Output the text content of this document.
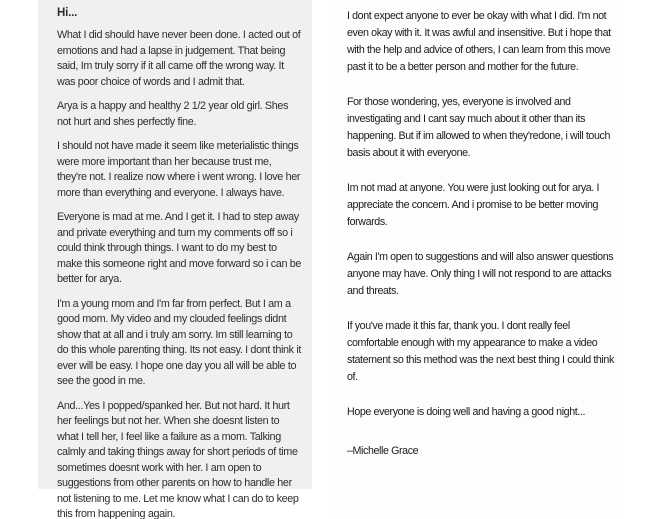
Hi...

What I did should have never been done. I acted out of emotions and had a lapse in judgement. That being said, Im truly sorry if it all came off the wrong way. It was poor choice of words and I admit that.

Arya is a happy and healthy 2 1/2 year old girl. Shes not hurt and shes perfectly fine.

I should not have made it seem like meterialistic things were more important than her because trust me, they're not. I realize now where i went wrong. I love her more than everything and everyone. I always have.

Everyone is mad at me. And I get it. I had to step away and private everything and turn my comments off so i could think through things. I want to do my best to make this someone right and move forward so i can be better for arya.

I'm a young mom and I'm far from perfect. But I am a good mom. My video and my clouded feelings didnt show that at all and i truly am sorry. Im still learning to do this whole parenting thing. Its not easy. I dont think it ever will be easy. I hope one day you all will be able to see the good in me.

And...Yes I popped/spanked her. But not hard. It hurt her feelings but not her. When she doesnt listen to what I tell her, I feel like a failure as a mom. Talking calmly and taking things away for short periods of time sometimes doesnt work with her. I am open to suggestions from other parents on how to handle her not listening to me. Let me know what I can do to keep this from happening again.

I dont expect anyone to ever be okay with what I did. I'm not even okay with it. It was awful and insensitive. But i hope that with the help and advice of others, I can learn from this move past it to be a better person and mother for the future.

For those wondering, yes, everyone is involved and investigating and I cant say much about it other than its happening. But if im allowed to when they'redone, i will touch basis about it with everyone.

Im not mad at anyone. You were just looking out for arya. I appreciate the concern. And i promise to be better moving forwards.

Again I'm open to suggestions and will also answer questions anyone may have. Only thing I will not respond to are attacks and threats.

If you've made it this far, thank you. I dont really feel comfortable enough with my appearance to make a video statement so this method was the next best thing I could think of.

Hope everyone is doing well and having a good night...

–Michelle Grace
